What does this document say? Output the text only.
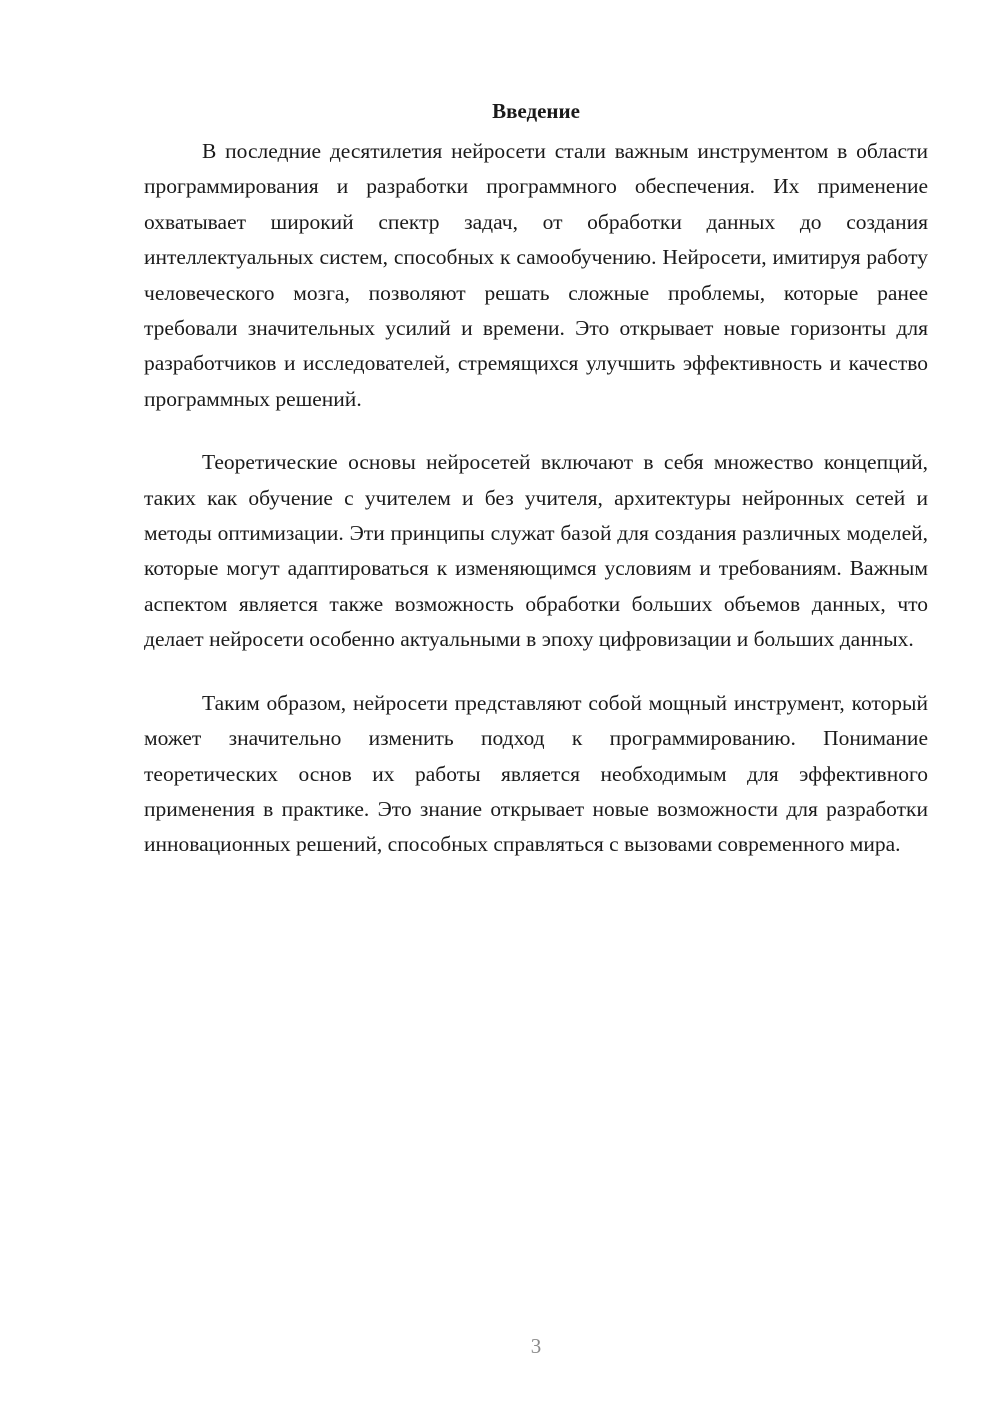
Введение

В последние десятилетия нейросети стали важным инструментом в области программирования и разработки программного обеспечения. Их применение охватывает широкий спектр задач, от обработки данных до создания интеллектуальных систем, способных к самообучению. Нейросети, имитируя работу человеческого мозга, позволяют решать сложные проблемы, которые ранее требовали значительных усилий и времени. Это открывает новые горизонты для разработчиков и исследователей, стремящихся улучшить эффективность и качество программных решений.

Теоретические основы нейросетей включают в себя множество концепций, таких как обучение с учителем и без учителя, архитектуры нейронных сетей и методы оптимизации. Эти принципы служат базой для создания различных моделей, которые могут адаптироваться к изменяющимся условиям и требованиям. Важным аспектом является также возможность обработки больших объемов данных, что делает нейросети особенно актуальными в эпоху цифровизации и больших данных.

Таким образом, нейросети представляют собой мощный инструмент, который может значительно изменить подход к программированию. Понимание теоретических основ их работы является необходимым для эффективного применения в практике. Это знание открывает новые возможности для разработки инновационных решений, способных справляться с вызовами современного мира.

3
